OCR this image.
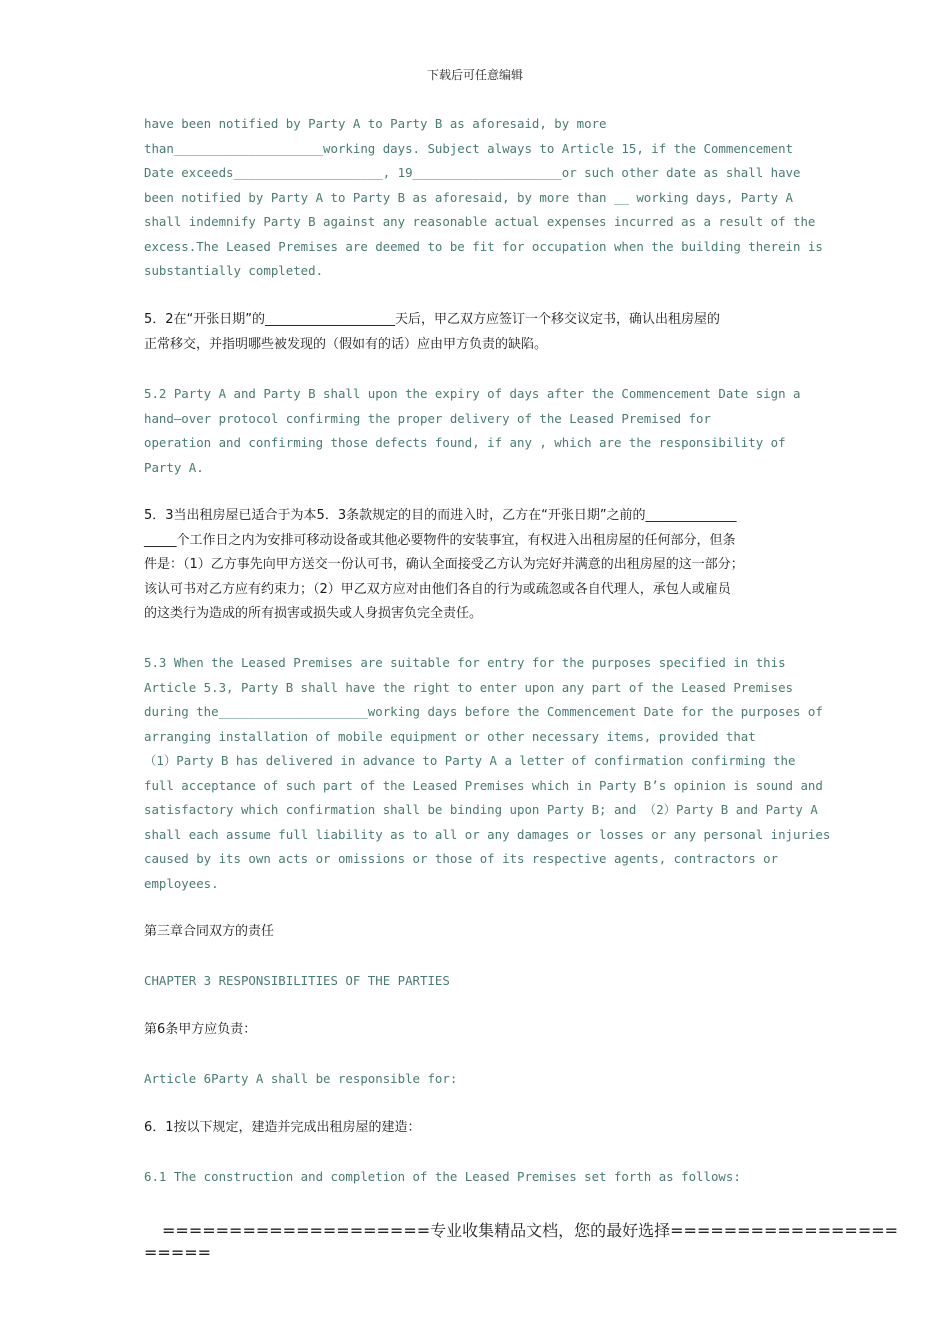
下载后可任意编辑
have been notified by Party A to Party B as aforesaid, by more
than____________________working days. Subject always to Article 15, if the Commencement
Date exceeds____________________, 19____________________or such other date as shall have
been notified by Party A to Party B as aforesaid, by more than __ working days, Party A
shall indemnify Party B against any reasonable actual expenses incurred as a result of the
excess.The Leased Premises are deemed to be fit for occupation when the building therein is
substantially completed.
5．2在“开张日期”的____________________天后，甲乙双方应签订一个移交议定书，确认出租房屋的
正常移交，并指明哪些被发现的（假如有的话）应由甲方负责的缺陷。
5.2 Party A and Party B shall upon the expiry of days after the Commencement Date sign a
hand—over protocol confirming the proper delivery of the Leased Premised for
operation and confirming those defects found, if any , which are the responsibility of
Party A.
5．3当出租房屋已适合于为本5．3条款规定的目的而进入时，乙方在“开张日期”之前的______________
_____个工作日之内为安排可移动设备或其他必要物件的安装事宜，有权进入出租房屋的任何部分，但条
件是：（1）乙方事先向甲方送交一份认可书，确认全面接受乙方认为完好并满意的出租房屋的这一部分；
该认可书对乙方应有约束力；（2）甲乙双方应对由他们各自的行为或疏忽或各自代理人，承包人或雇员
的这类行为造成的所有损害或损失或人身损害负完全责任。
5.3 When the Leased Premises are suitable for entry for the purposes specified in this
Article 5.3, Party B shall have the right to enter upon any part of the Leased Premises
during the____________________working days before the Commencement Date for the purposes of
arranging installation of mobile equipment or other necessary items, provided that
（1）Party B has delivered in advance to Party A a letter of confirmation confirming the
full acceptance of such part of the Leased Premises which in Party B’s opinion is sound and
satisfactory which confirmation shall be binding upon Party B; and （2）Party B and Party A
shall each assume full liability as to all or any damages or losses or any personal injuries
caused by its own acts or omissions or those of its respective agents, contractors or
employees.
第三章合同双方的责任
CHAPTER 3 RESPONSIBILITIES OF THE PARTIES
第6条甲方应负责：
Article 6Party A shall be responsible for:
6．1按以下规定，建造并完成出租房屋的建造：
6.1 The construction and completion of the Leased Premises set forth as follows:
====================专业收集精品文档，您的最好选择=================
=====
